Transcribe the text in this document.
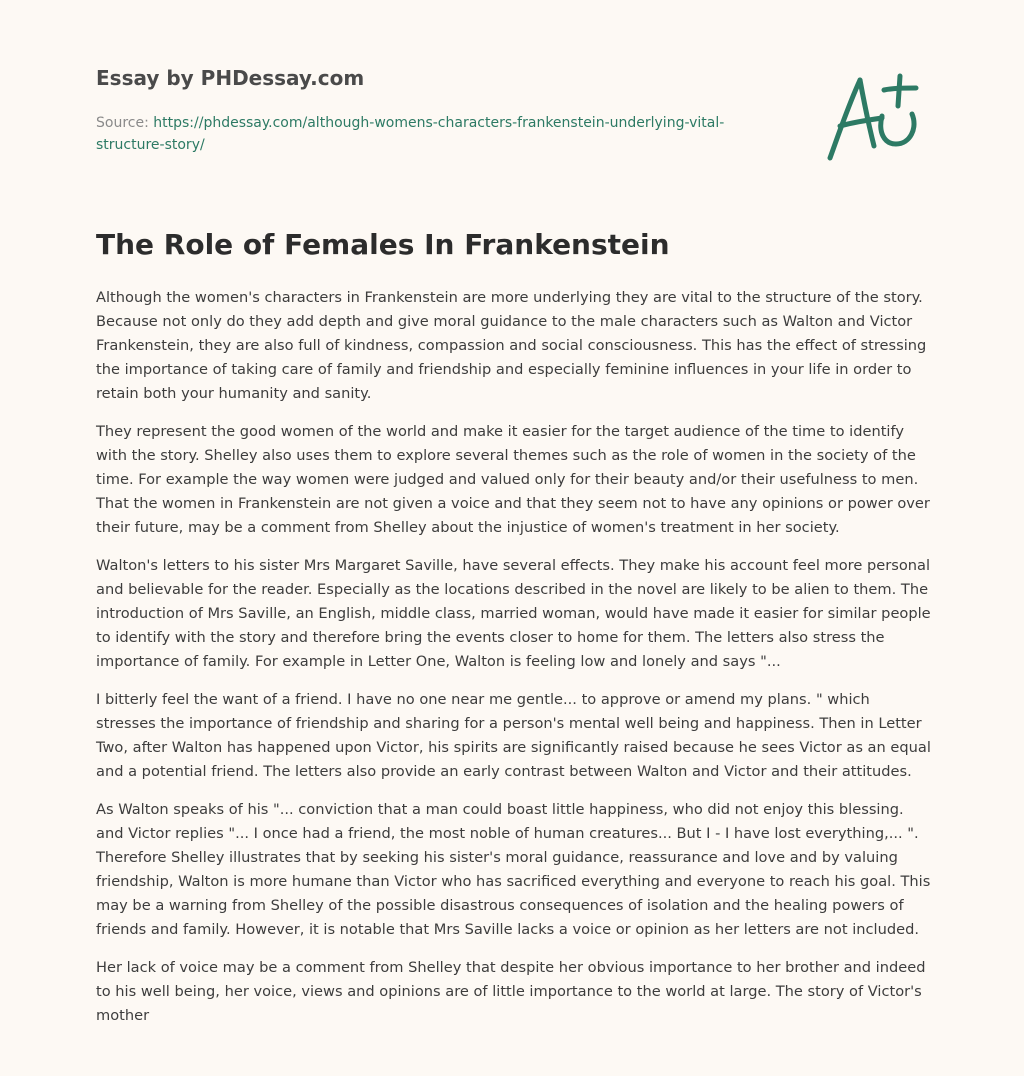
Essay by PHDessay.com
Source: https://phdessay.com/although-womens-characters-frankenstein-underlying-vital-structure-story/
The Role of Females In Frankenstein

Although the women's characters in Frankenstein are more underlying they are vital to the structure of the story. Because not only do they add depth and give moral guidance to the male characters such as Walton and Victor Frankenstein, they are also full of kindness, compassion and social consciousness. This has the effect of stressing the importance of taking care of family and friendship and especially feminine influences in your life in order to retain both your humanity and sanity.

They represent the good women of the world and make it easier for the target audience of the time to identify with the story. Shelley also uses them to explore several themes such as the role of women in the society of the time. For example the way women were judged and valued only for their beauty and/or their usefulness to men. That the women in Frankenstein are not given a voice and that they seem not to have any opinions or power over their future, may be a comment from Shelley about the injustice of women's treatment in her society.

Walton's letters to his sister Mrs Margaret Saville, have several effects. They make his account feel more personal and believable for the reader. Especially as the locations described in the novel are likely to be alien to them. The introduction of Mrs Saville, an English, middle class, married woman, would have made it easier for similar people to identify with the story and therefore bring the events closer to home for them. The letters also stress the importance of family. For example in Letter One, Walton is feeling low and lonely and says "...

I bitterly feel the want of a friend. I have no one near me gentle... to approve or amend my plans. " which stresses the importance of friendship and sharing for a person's mental well being and happiness. Then in Letter Two, after Walton has happened upon Victor, his spirits are significantly raised because he sees Victor as an equal and a potential friend. The letters also provide an early contrast between Walton and Victor and their attitudes.

As Walton speaks of his "... conviction that a man could boast little happiness, who did not enjoy this blessing. and Victor replies "... I once had a friend, the most noble of human creatures... But I - I have lost everything,... ". Therefore Shelley illustrates that by seeking his sister's moral guidance, reassurance and love and by valuing friendship, Walton is more humane than Victor who has sacrificed everything and everyone to reach his goal. This may be a warning from Shelley of the possible disastrous consequences of isolation and the healing powers of friends and family. However, it is notable that Mrs Saville lacks a voice or opinion as her letters are not included.

Her lack of voice may be a comment from Shelley that despite her obvious importance to her brother and indeed to his well being, her voice, views and opinions are of little importance to the world at large. The story of Victor's mother
